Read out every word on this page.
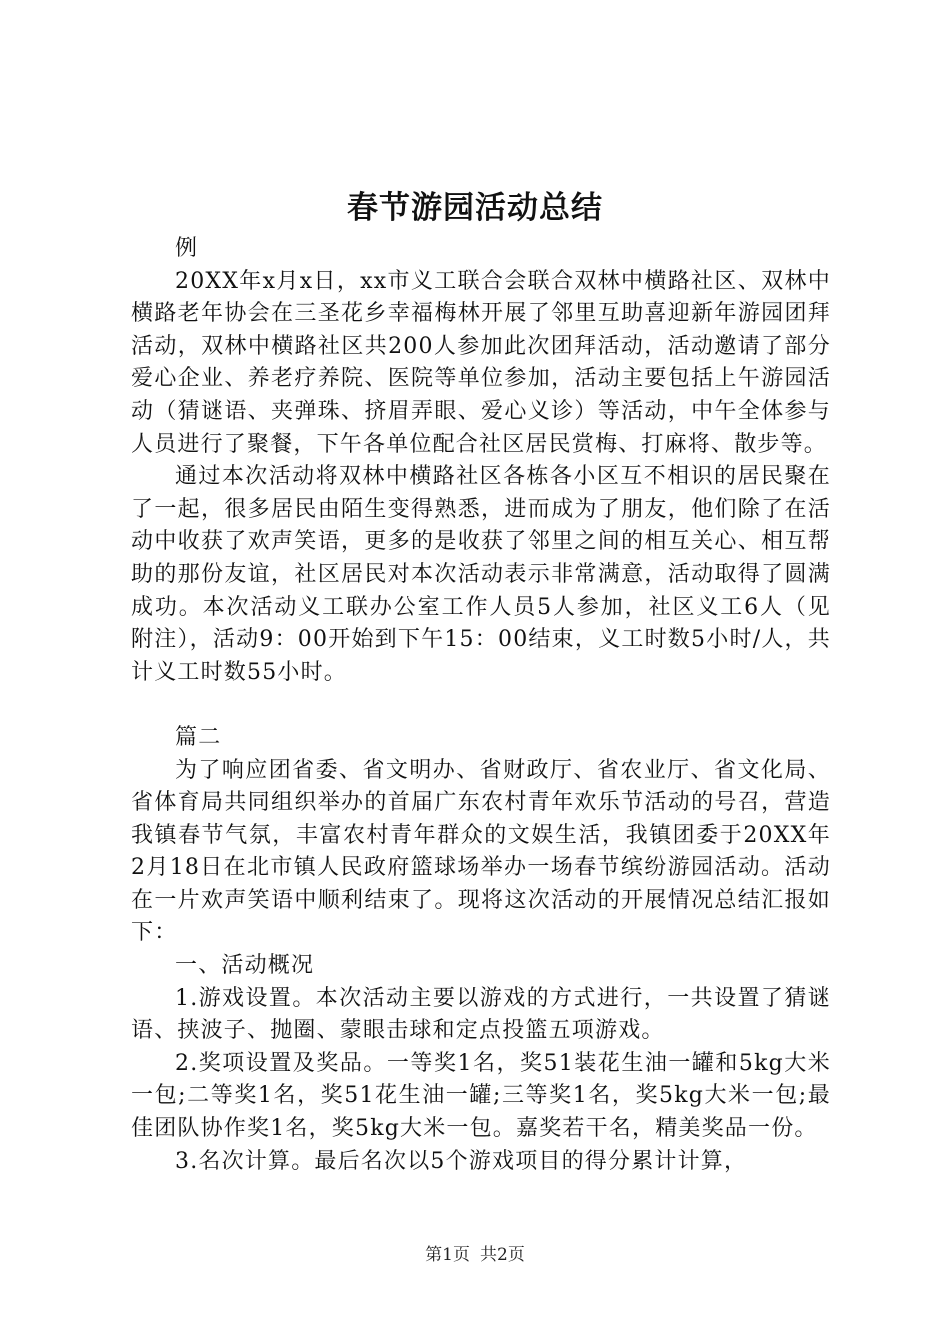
春节游园活动总结

例

20XX年x月x日，xx市义工联合会联合双林中横路社区、双林中横路老年协会在三圣花乡幸福梅林开展了邻里互助喜迎新年游园团拜活动，双林中横路社区共200人参加此次团拜活动，活动邀请了部分爱心企业、养老疗养院、医院等单位参加，活动主要包括上午游园活动（猜谜语、夹弹珠、挤眉弄眼、爱心义诊）等活动，中午全体参与人员进行了聚餐，下午各单位配合社区居民赏梅、打麻将、散步等。

通过本次活动将双林中横路社区各栋各小区互不相识的居民聚在了一起，很多居民由陌生变得熟悉，进而成为了朋友，他们除了在活动中收获了欢声笑语，更多的是收获了邻里之间的相互关心、相互帮助的那份友谊，社区居民对本次活动表示非常满意，活动取得了圆满成功。本次活动义工联办公室工作人员5人参加，社区义工6人（见附注），活动9：00开始到下午15：00结束，义工时数5小时/人，共计义工时数55小时。

篇二

为了响应团省委、省文明办、省财政厅、省农业厅、省文化局、省体育局共同组织举办的首届广东农村青年欢乐节活动的号召，营造我镇春节气氛，丰富农村青年群众的文娱生活，我镇团委于20XX年2月18日在北市镇人民政府篮球场举办一场春节缤纷游园活动。活动在一片欢声笑语中顺利结束了。现将这次活动的开展情况总结汇报如下：

一、活动概况

1.游戏设置。本次活动主要以游戏的方式进行，一共设置了猜谜语、挟波子、抛圈、蒙眼击球和定点投篮五项游戏。

2.奖项设置及奖品。一等奖1名，奖51装花生油一罐和5kg大米一包;二等奖1名，奖51花生油一罐;三等奖1名，奖5kg大米一包;最佳团队协作奖1名，奖5kg大米一包。嘉奖若干名，精美奖品一份。

3.名次计算。最后名次以5个游戏项目的得分累计计算，

第1页 共2页
